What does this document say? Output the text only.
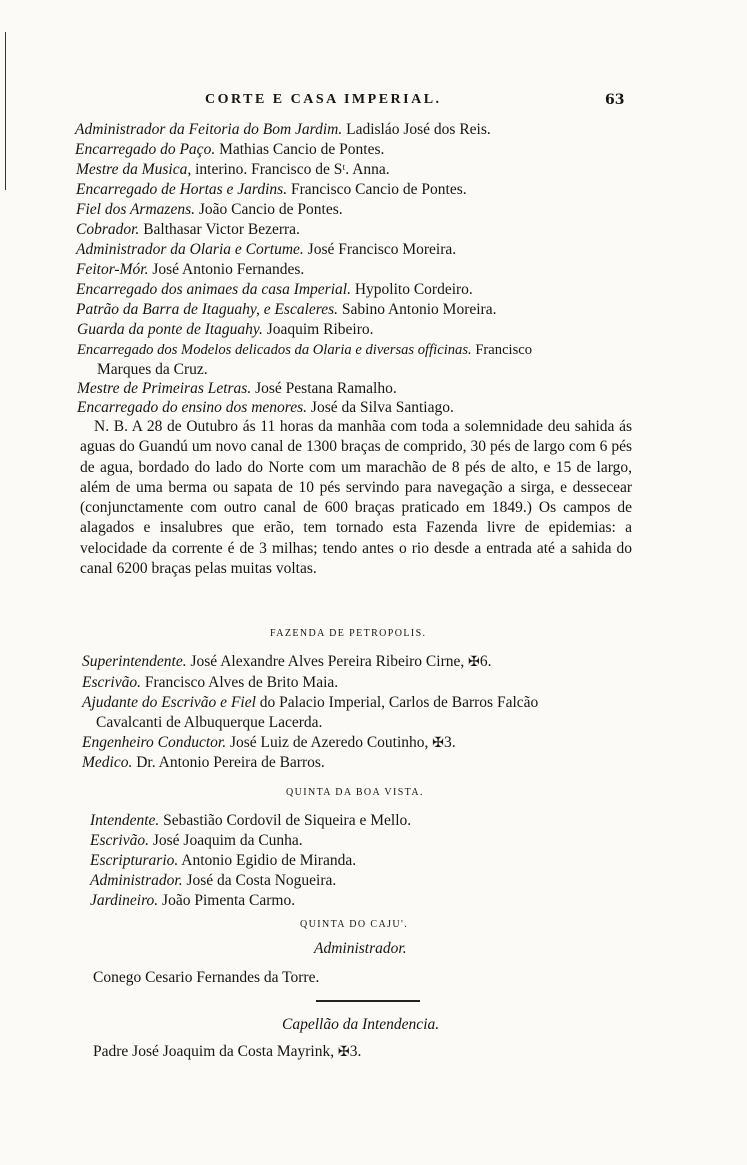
CORTE E CASA IMPERIAL.	63
Administrador da Feitoria do Bom Jardim. Ladisláo José dos Reis.
Encarregado do Paço. Mathias Cancio de Pontes.
Mestre da Musica, interino. Francisco de Sᵗ. Anna.
Encarregado de Hortas e Jardins. Francisco Cancio de Pontes.
Fiel dos Armazens. João Cancio de Pontes.
Cobrador. Balthasar Victor Bezerra.
Administrador da Olaria e Cortume. José Francisco Moreira.
Feitor-Mór. José Antonio Fernandes.
Encarregado dos animaes da casa Imperial. Hypolito Cordeiro.
Patrão da Barra de Itaguahy, e Escaleres. Sabino Antonio Moreira.
Guarda da ponte de Itaguahy. Joaquim Ribeiro.
Encarregado dos Modelos delicados da Olaria e diversas officinas. Francisco
Marques da Cruz.
Mestre de Primeiras Letras. José Pestana Ramalho.
Encarregado do ensino dos menores. José da Silva Santiago.
N. B. A 28 de Outubro ás 11 horas da manhãa com toda a solemnidade deu sahida ás aguas do Guandú um novo canal de 1300 braças de comprido, 30 pés de largo com 6 pés de agua, bordado do lado do Norte com um marachão de 8 pés de alto, e 15 de largo, além de uma berma ou sapata de 10 pés servindo para navegação a sirga, e dessecear (conjunctamente com outro canal de 600 braças praticado em 1849.) Os campos de alagados e insalubres que erão, tem tornado esta Fazenda livre de epidemias: a velocidade da corrente é de 3 milhas; tendo antes o rio desde a entrada até a sahida do canal 6200 braças pelas muitas voltas.
FAZENDA DE PETROPOLIS.
Superintendente. José Alexandre Alves Pereira Ribeiro Cirne, ✠6.
Escrivão. Francisco Alves de Brito Maia.
Ajudante do Escrivão e Fiel do Palacio Imperial, Carlos de Barros Falcão
Cavalcanti de Albuquerque Lacerda.
Engenheiro Conductor. José Luiz de Azeredo Coutinho, ✠3.
Medico. Dr. Antonio Pereira de Barros.
QUINTA DA BOA VISTA.
Intendente. Sebastião Cordovil de Siqueira e Mello.
Escrivão. José Joaquim da Cunha.
Escripturario. Antonio Egidio de Miranda.
Administrador. José da Costa Nogueira.
Jardineiro. João Pimenta Carmo.
QUINTA DO CAJU'.
Administrador.
Conego Cesario Fernandes da Torre.
Capellão da Intendencia.
Padre José Joaquim da Costa Mayrink, ✠3.
